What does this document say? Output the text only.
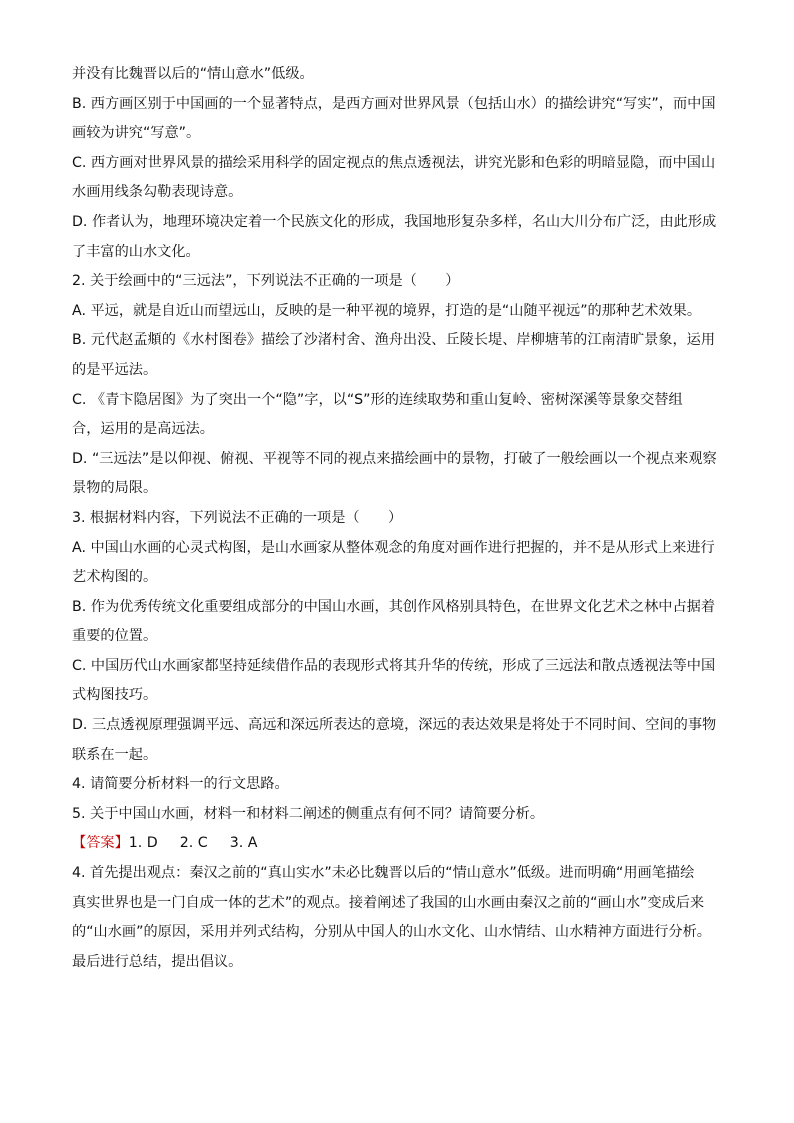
并没有比魏晋以后的“情山意水”低级。
B. 西方画区别于中国画的一个显著特点，是西方画对世界风景（包括山水）的描绘讲究“写实”，而中国
画较为讲究“写意”。
C. 西方画对世界风景的描绘采用科学的固定视点的焦点透视法，讲究光影和色彩的明暗显隐，而中国山
水画用线条勾勒表现诗意。
D. 作者认为，地理环境决定着一个民族文化的形成，我国地形复杂多样，名山大川分布广泛，由此形成
了丰富的山水文化。
2. 关于绘画中的“三远法”，下列说法不正确的一项是（　　）
A. 平远，就是自近山而望远山，反映的是一种平视的境界，打造的是“山随平视远”的那种艺术效果。
B. 元代赵孟頫的《水村图卷》描绘了沙渚村舍、渔舟出没、丘陵长堤、岸柳塘苇的江南清旷景象，运用
的是平远法。
C. 《青卞隐居图》为了突出一个“隐”字，以“S”形的连续取势和重山复岭、密树深溪等景象交替组
合，运用的是高远法。
D. “三远法”是以仰视、俯视、平视等不同的视点来描绘画中的景物，打破了一般绘画以一个视点来观察
景物的局限。
3. 根据材料内容，下列说法不正确的一项是（　　）
A. 中国山水画的心灵式构图，是山水画家从整体观念的角度对画作进行把握的，并不是从形式上来进行
艺术构图的。
B. 作为优秀传统文化重要组成部分的中国山水画，其创作风格别具特色，在世界文化艺术之林中占据着
重要的位置。
C. 中国历代山水画家都坚持延续借作品的表现形式将其升华的传统，形成了三远法和散点透视法等中国
式构图技巧。
D. 三点透视原理强调平远、高远和深远所表达的意境，深远的表达效果是将处于不同时间、空间的事物
联系在一起。
4. 请简要分析材料一的行文思路。
5. 关于中国山水画，材料一和材料二阐述的侧重点有何不同？请简要分析。
【答案】1. D 2. C 3. A
4. 首先提出观点：秦汉之前的“真山实水”未必比魏晋以后的“情山意水”低级。进而明确“用画笔描绘
真实世界也是一门自成一体的艺术”的观点。接着阐述了我国的山水画由秦汉之前的“画山水”变成后来
的“山水画”的原因，采用并列式结构，分别从中国人的山水文化、山水情结、山水精神方面进行分析。
最后进行总结，提出倡议。
